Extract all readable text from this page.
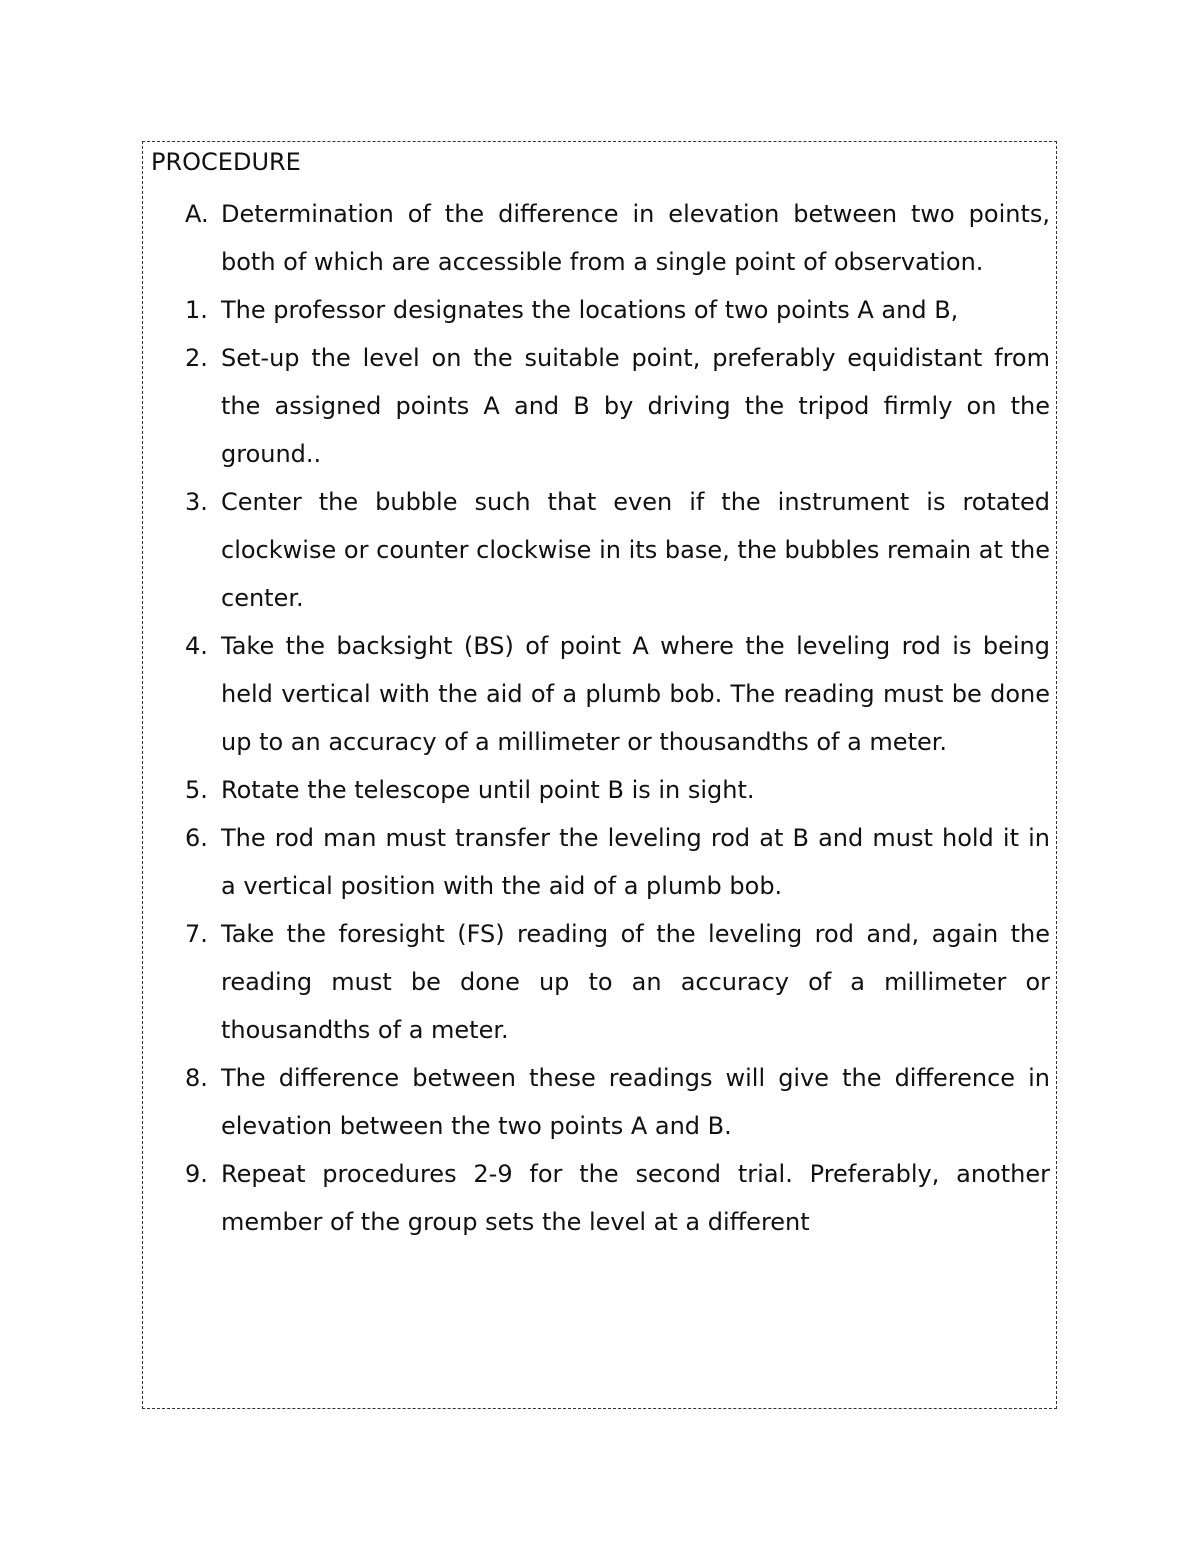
PROCEDURE
A. Determination of the difference in elevation between two points, both of which are accessible from a single point of observation.
1. The professor designates the locations of two points A and B,
2. Set-up the level on the suitable point, preferably equidistant from the assigned points A and B by driving the tripod firmly on the ground..
3. Center the bubble such that even if the instrument is rotated clockwise or counter clockwise in its base, the bubbles remain at the center.
4. Take the backsight (BS) of point A where the leveling rod is being held vertical with the aid of a plumb bob. The reading must be done up to an accuracy of a millimeter or thousandths of a meter.
5. Rotate the telescope until point B is in sight.
6. The rod man must transfer the leveling rod at B and must hold it in a vertical position with the aid of a plumb bob.
7. Take the foresight (FS) reading of the leveling rod and, again the reading must be done up to an accuracy of a millimeter or thousandths of a meter.
8. The difference between these readings will give the difference in elevation between the two points A and B.
9. Repeat procedures 2-9 for the second trial. Preferably, another member of the group sets the level at a different
